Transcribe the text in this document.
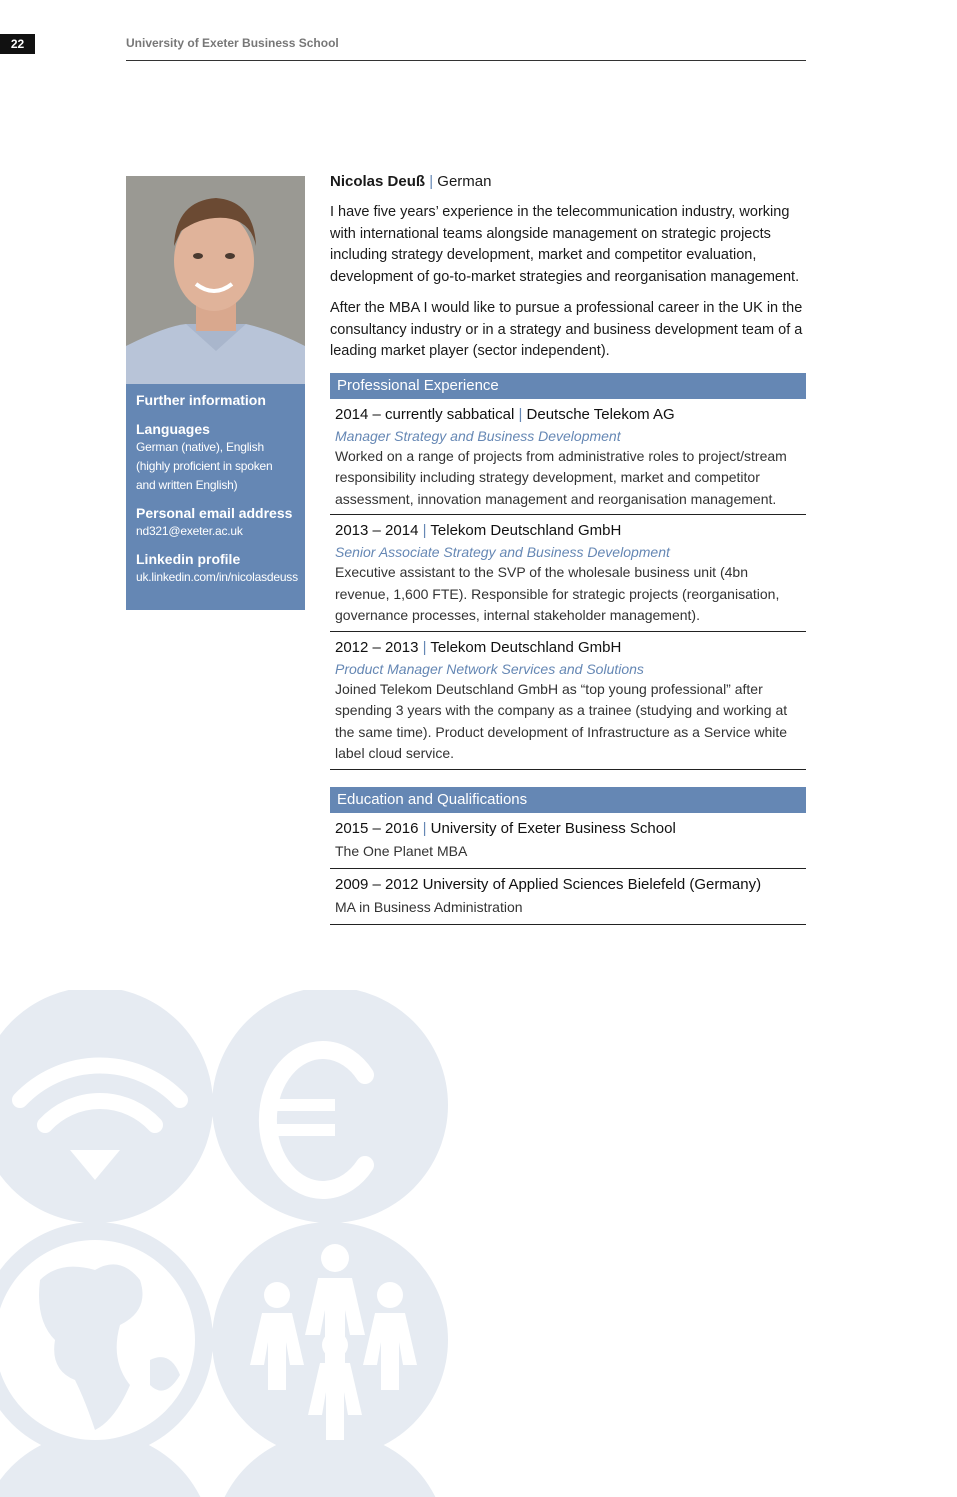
22	University of Exeter Business School
Further information
Languages
German (native), English (highly proficient in spoken and written English)
Personal email address
nd321@exeter.ac.uk
Linkedin profile
uk.linkedin.com/in/nicolasdeuss
Nicolas Deuß | German

I have five years’ experience in the telecommunication industry, working with international teams alongside management on strategic projects including strategy development, market and competitor evaluation, development of go-to-market strategies and reorganisation management.

After the MBA I would like to pursue a professional career in the UK in the consultancy industry or in a strategy and business development team of a leading market player (sector independent).

Professional Experience
2014 – currently sabbatical | Deutsche Telekom AG
Manager Strategy and Business Development
Worked on a range of projects from administrative roles to project/stream responsibility including strategy development, market and competitor assessment, innovation management and reorganisation management.
2013 – 2014 | Telekom Deutschland GmbH
Senior Associate Strategy and Business Development
Executive assistant to the SVP of the wholesale business unit (4bn revenue, 1,600 FTE). Responsible for strategic projects (reorganisation, governance processes, internal stakeholder management).
2012 – 2013 | Telekom Deutschland GmbH
Product Manager Network Services and Solutions
Joined Telekom Deutschland GmbH as “top young professional” after spending 3 years with the company as a trainee (studying and working at the same time). Product development of Infrastructure as a Service white label cloud service.
Education and Qualifications
2015 – 2016 | University of Exeter Business School
The One Planet MBA
2009 – 2012 University of Applied Sciences Bielefeld (Germany)
MA in Business Administration
